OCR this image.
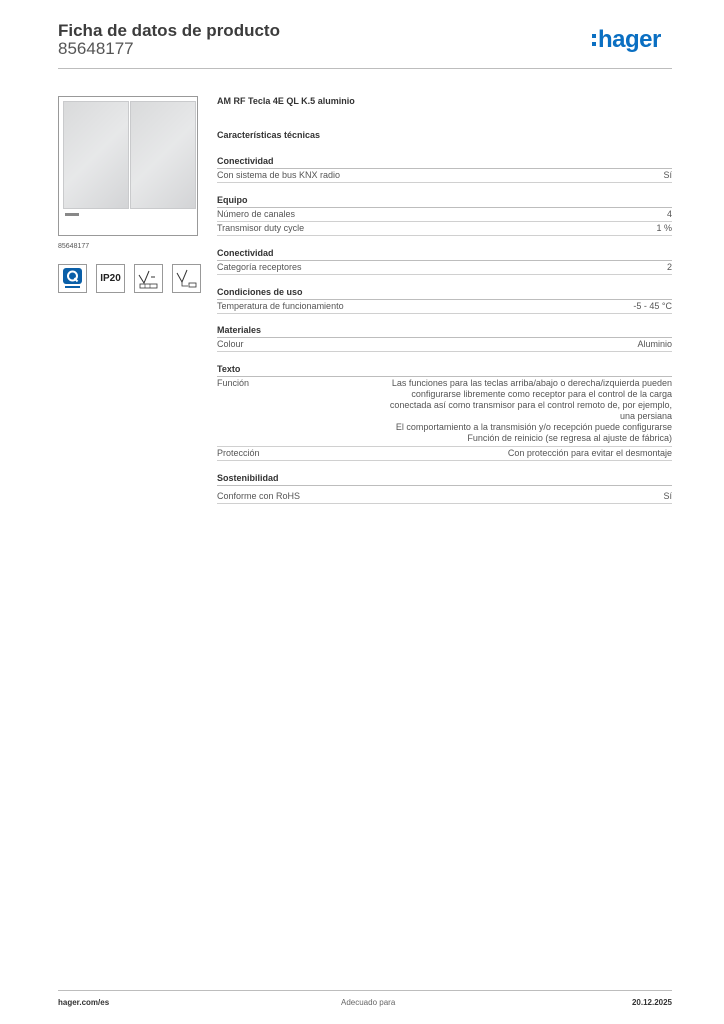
Ficha de datos de producto
85648177	hager
85648177
IP20
AM RF Tecla 4E QL K.5 aluminio
Características técnicas
Conectividad
Con sistema de bus KNX radio	Sí
Equipo
Número de canales	4
Transmisor duty cycle	1 %
Conectividad
Categoría receptores	2
Condiciones de uso
Temperatura de funcionamiento	-5 - 45 °C
Materiales
Colour	Aluminio
Texto
Función	Las funciones para las teclas arriba/abajo o derecha/izquierda pueden
configurarse libremente como receptor para el control de la carga
conectada así como transmisor para el control remoto de, por ejemplo,
una persiana
El comportamiento a la transmisión y/o recepción puede configurarse
Función de reinicio (se regresa al ajuste de fábrica)
Protección	Con protección para evitar el desmontaje
Sostenibilidad
Conforme con RoHS	Sí
hager.com/es	Adecuado para	20.12.2025
